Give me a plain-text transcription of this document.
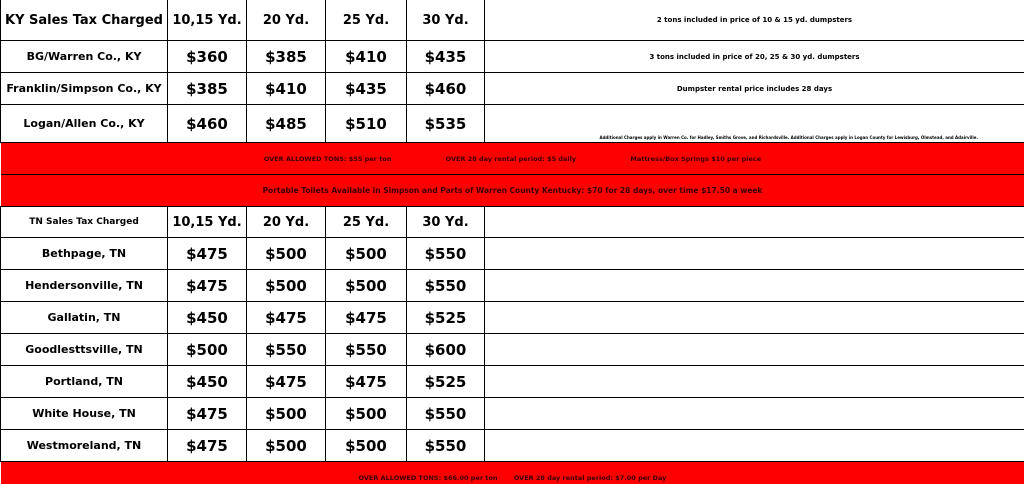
KY Sales Tax Charged	10,15 Yd.	20 Yd.	25 Yd.	30 Yd.	2 tons included in price of 10 & 15 yd. dumpsters
BG/Warren Co., KY	$360	$385	$410	$435	3 tons included in price of 20, 25 & 30 yd. dumpsters
Franklin/Simpson Co., KY	$385	$410	$435	$460	Dumpster rental price includes 28 days
Logan/Allen Co., KY	$460	$485	$510	$535	Additional Charges apply in Warren Co. for Hadley, Smiths Grove, and Richardsville. Additional Charges apply in Logan County for Lewisburg, Olmstead, and Adairville.
OVER ALLOWED TONS: $55 per ton OVER 28 day rental period: $5 daily Mattress/Box Springs $10 per piece					
Portable Toilets Available in Simpson and Parts of Warren County Kentucky: $70 for 28 days, over time $17.50 a week					
TN Sales Tax Charged	10,15 Yd.	20 Yd.	25 Yd.	30 Yd.	
Bethpage, TN	$475	$500	$500	$550	
Hendersonville, TN	$475	$500	$500	$550	
Gallatin, TN	$450	$475	$475	$525	
Goodlesttsville, TN	$500	$550	$550	$600	
Portland, TN	$450	$475	$475	$525	
White House, TN	$475	$500	$500	$550	
Westmoreland, TN	$475	$500	$500	$550	
OVER ALLOWED TONS: $66.00 per ton OVER 28 day rental period: $7.00 per Day					
